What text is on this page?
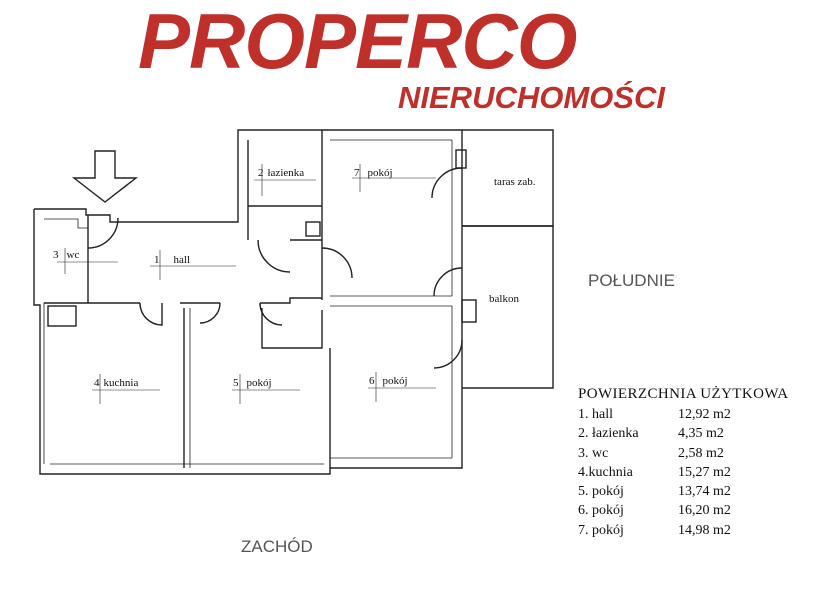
PROPERCO
NIERUCHOMOŚCI
3 wc	1 hall
2 łazienka	7 pokój
taras zab.
balkon
4 kuchnia	5 pokój	6 pokój
POŁUDNIE
ZACHÓD
POWIERZCHNIA UŻYTKOWA
1. hall	12,92 m2
2. łazienka	4,35 m2
3. wc	2,58 m2
4.kuchnia	15,27 m2
5. pokój	13,74 m2
6. pokój	16,20 m2
7. pokój	14,98 m2
